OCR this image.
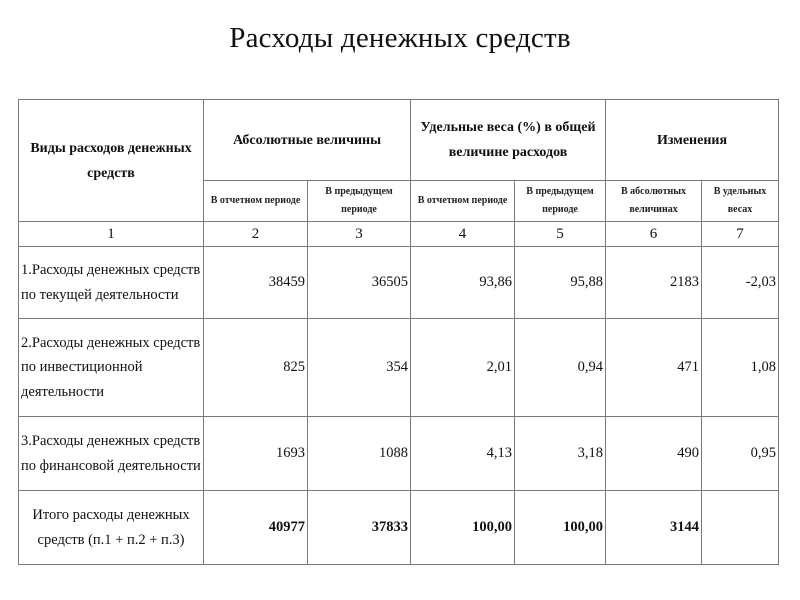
Расходы денежных средств
Виды расходов денежных средств	Абсолютные величины		Удельные веса (%) в общей величине расходов		Изменения	
	В отчетном периоде	В предыдущем периоде	В отчетном периоде	В предыдущем периоде	В абсолютных величинах	В удельных весах
1	2	3	4	5	6	7
1.Расходы денежных средств по текущей деятельности	38459	36505	93,86	95,88	2183	-2,03
2.Расходы денежных средств по инвестиционной деятельности	825	354	2,01	0,94	471	1,08
3.Расходы денежных средств по финансовой деятельности	1693	1088	4,13	3,18	490	0,95
Итого расходы денежных средств (п.1 + п.2 + п.3)	40977	37833	100,00	100,00	3144	
